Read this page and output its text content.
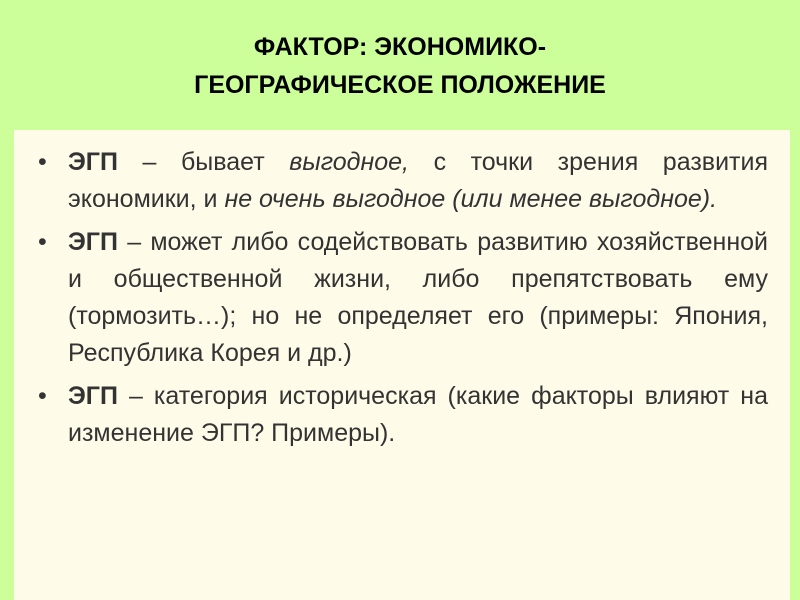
ФАКТОР: ЭКОНОМИКО-
ГЕОГРАФИЧЕСКОЕ ПОЛОЖЕНИЕ
• ЭГП – бывает выгодное, с точки зрения развития экономики, и не очень выгодное (или менее выгодное).
• ЭГП – может либо содействовать развитию хозяйственной и общественной жизни, либо препятствовать ему (тормозить…); но не определяет его (примеры: Япония, Республика Корея и др.)
• ЭГП – категория историческая (какие факторы влияют на изменение ЭГП? Примеры).
